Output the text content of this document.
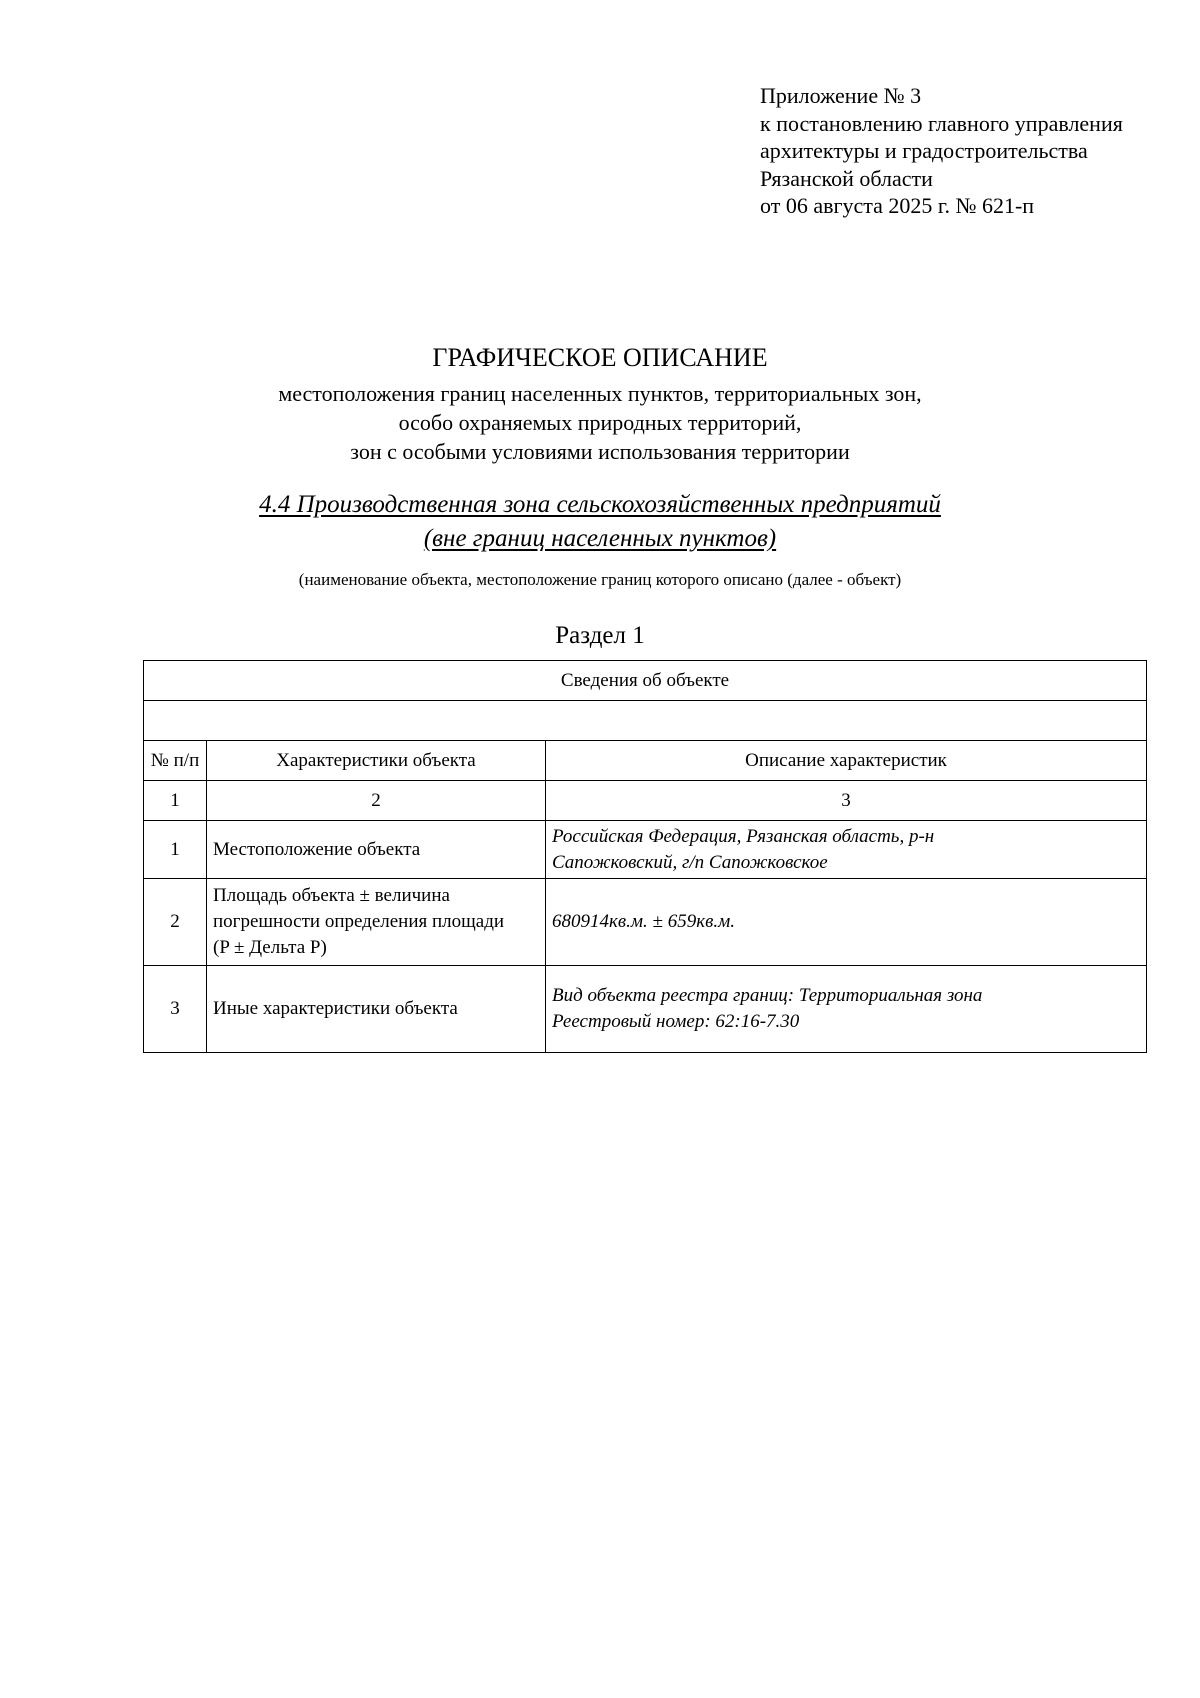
Приложение № 3
к постановлению главного управления
архитектуры и градостроительства
Рязанской области
от 06 августа 2025 г. № 621-п
ГРАФИЧЕСКОЕ ОПИСАНИЕ
местоположения границ населенных пунктов, территориальных зон,
особо охраняемых природных территорий,
зон с особыми условиями использования территории
4.4 Производственная зона сельскохозяйственных предприятий
(вне границ населенных пунктов)
(наименование объекта, местоположение границ которого описано (далее - объект)
Раздел 1
Сведения об объекте		

№ п/п	Характеристики объекта	Описание характеристик
1	2	3
1	Местоположение объекта	Российская Федерация, Рязанская область, р-н
Сапожковский, г/п Сапожковское

2	Площадь объекта ± величина
погрешности определения площади
(P ± Дельта P)	680914кв.м. ± 659кв.м.

3	Иные характеристики объекта	Вид объекта реестра границ: Территориальная зона
Реестровый номер: 62:16-7.30
